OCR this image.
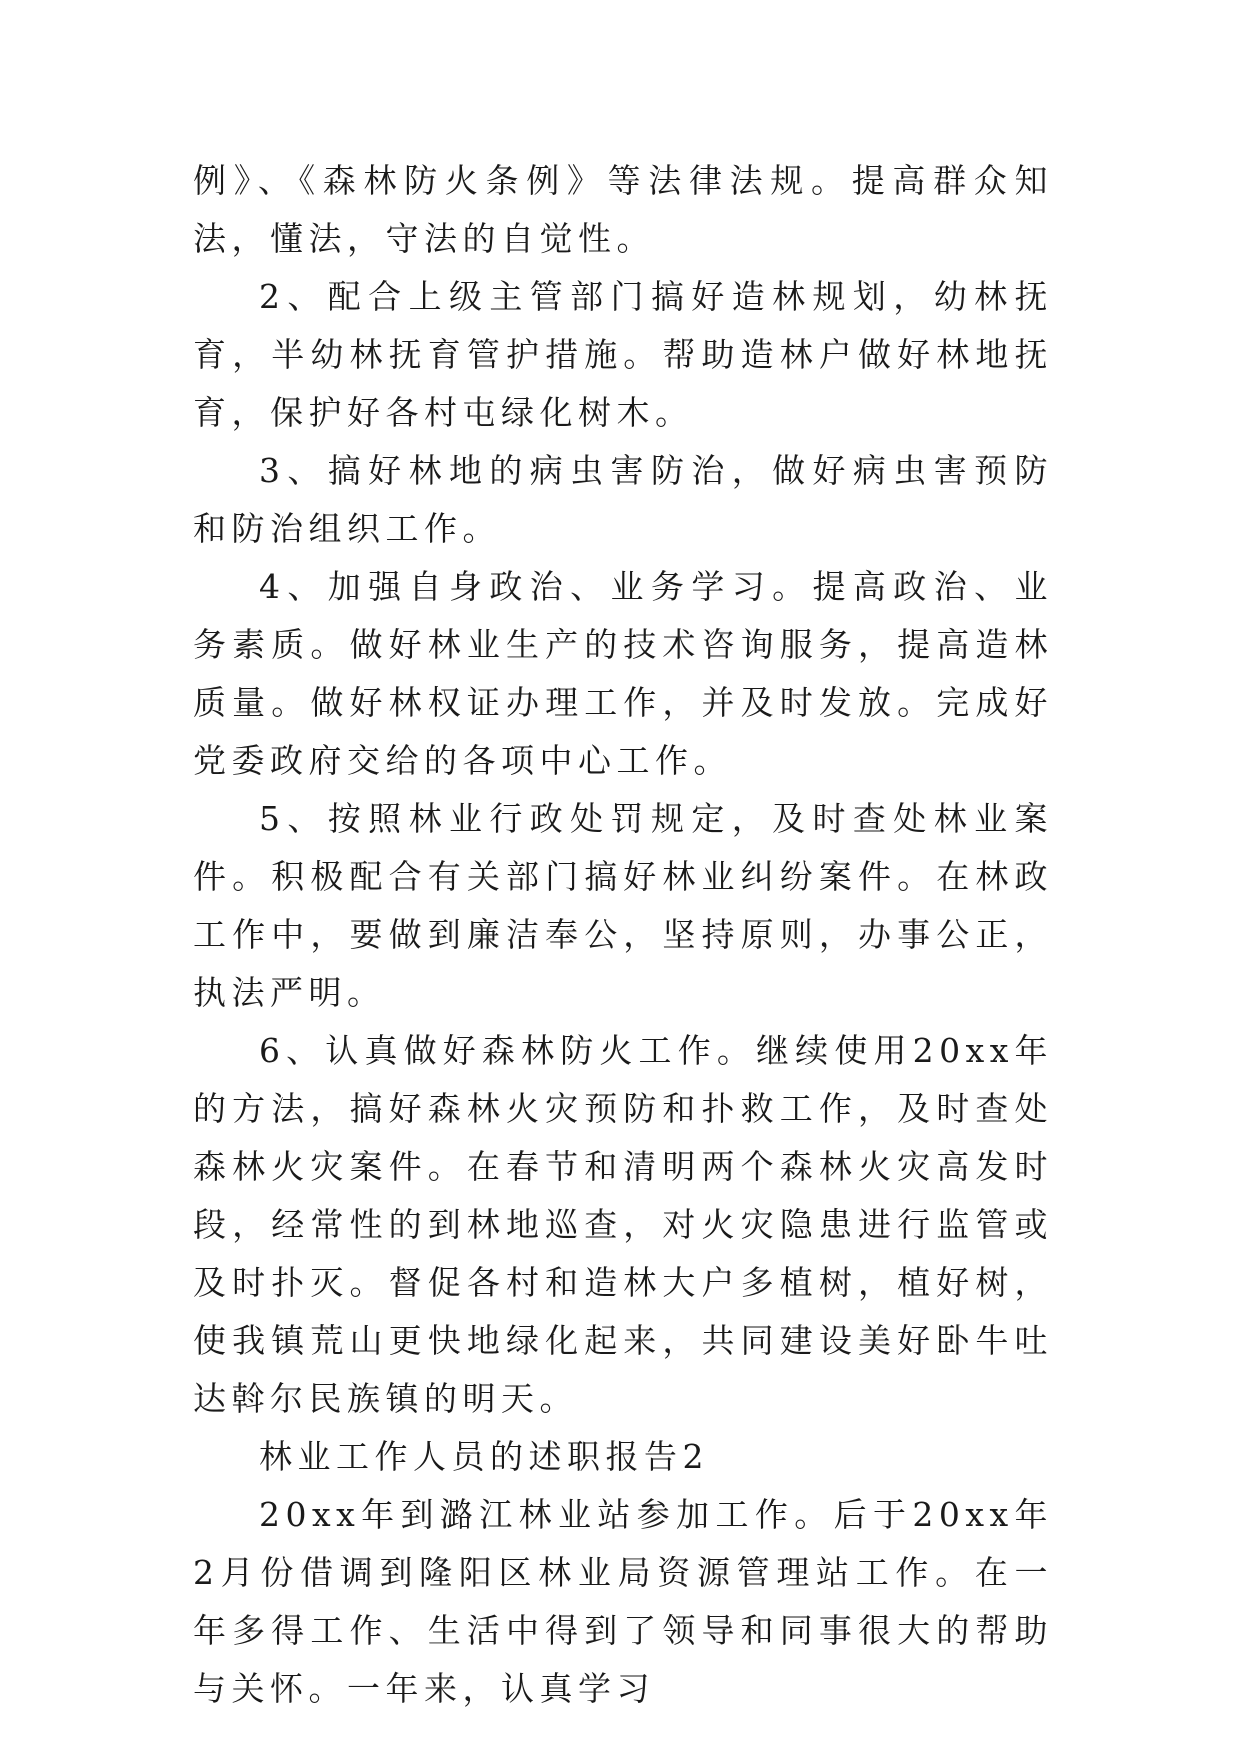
例》、《森林防火条例》等法律法规。提高群众知法，懂法，守法的自觉性。

2、配合上级主管部门搞好造林规划，幼林抚育，半幼林抚育管护措施。帮助造林户做好林地抚育，保护好各村屯绿化树木。

3、搞好林地的病虫害防治，做好病虫害预防和防治组织工作。

4、加强自身政治、业务学习。提高政治、业务素质。做好林业生产的技术咨询服务，提高造林质量。做好林权证办理工作，并及时发放。完成好党委政府交给的各项中心工作。

5、按照林业行政处罚规定，及时查处林业案件。积极配合有关部门搞好林业纠纷案件。在林政工作中，要做到廉洁奉公，坚持原则，办事公正，执法严明。

6、认真做好森林防火工作。继续使用20xx年的方法，搞好森林火灾预防和扑救工作，及时查处森林火灾案件。在春节和清明两个森林火灾高发时段，经常性的到林地巡查，对火灾隐患进行监管或及时扑灭。督促各村和造林大户多植树，植好树，使我镇荒山更快地绿化起来，共同建设美好卧牛吐达斡尔民族镇的明天。

林业工作人员的述职报告2

20xx年到潞江林业站参加工作。后于20xx年2月份借调到隆阳区林业局资源管理站工作。在一年多得工作、生活中得到了领导和同事很大的帮助与关怀。一年来，认真学习
